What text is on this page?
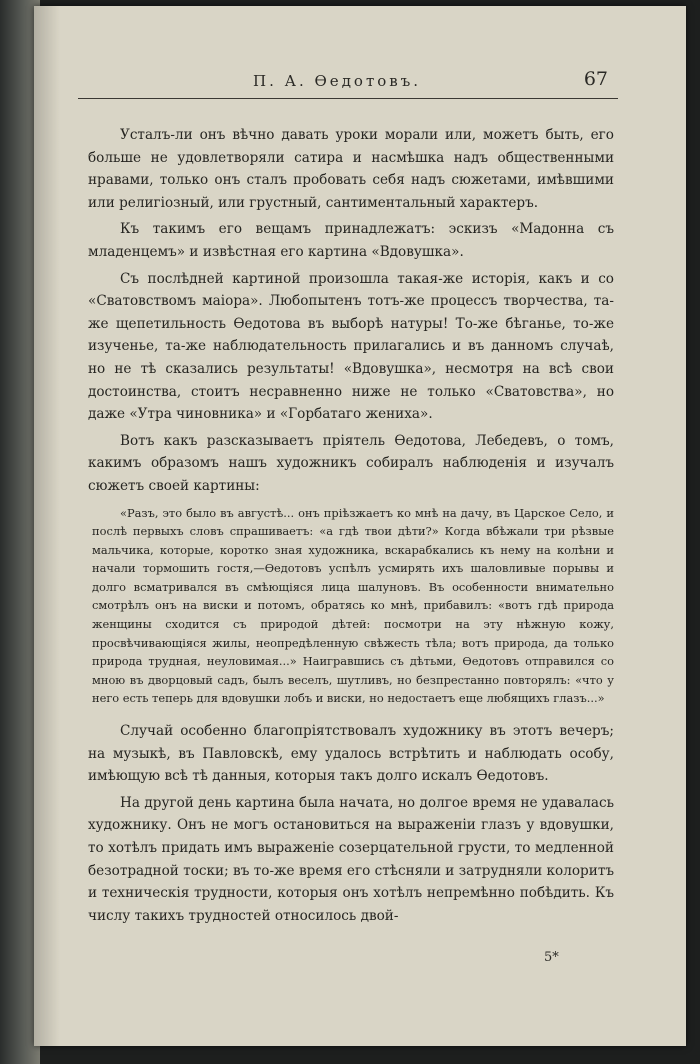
П. А. Ѳедотовъ.	67

Усталъ-ли онъ вѣчно давать уроки морали или, можетъ быть, его больше не удовлетворяли сатира и насмѣшка надъ общественными нравами, только онъ сталъ пробовать себя надъ сюжетами, имѣвшими или религіозный, или грустный, сантиментальный характеръ.

Къ такимъ его вещамъ принадлежатъ: эскизъ «Мадонна съ младенцемъ» и извѣстная его картина «Вдовушка».

Съ послѣдней картиной произошла такая-же исторія, какъ и со «Сватовствомъ маіора». Любопытенъ тотъ-же процессъ творчества, та-же щепетильность Ѳедотова въ выборѣ натуры! То-же бѣганье, то-же изученье, та-же наблюдательность прилагались и въ данномъ случаѣ, но не тѣ сказались результаты! «Вдовушка», несмотря на всѣ свои достоинства, стоитъ несравненно ниже не только «Сватовства», но даже «Утра чиновника» и «Горбатаго жениха».

Вотъ какъ разсказываетъ пріятель Ѳедотова, Лебедевъ, о томъ, какимъ образомъ нашъ художникъ собиралъ наблюденія и изучалъ сюжетъ своей картины:

«Разъ, это было въ августѣ... онъ пріѣзжаетъ ко мнѣ на дачу, въ Царское Село, и послѣ первыхъ словъ спрашиваетъ: «а гдѣ твои дѣти?» Когда вбѣжали три рѣзвые мальчика, которые, коротко зная художника, вскарабкались къ нему на колѣни и начали тормошить гостя,—Ѳедотовъ успѣлъ усмирять ихъ шаловливые порывы и долго всматривался въ смѣющіяся лица шалуновъ. Въ особенности внимательно смотрѣлъ онъ на виски и потомъ, обратясь ко мнѣ, прибавилъ: «вотъ гдѣ природа женщины сходится съ природой дѣтей: посмотри на эту нѣжную кожу, просвѣчивающіяся жилы, неопредѣленную свѣжесть тѣла; вотъ природа, да только природа трудная, неуловимая...» Наигравшись съ дѣтьми, Ѳедотовъ отправился со мною въ дворцовый садъ, былъ веселъ, шутливъ, но безпрестанно повторялъ: «что у него есть теперь для вдовушки лобъ и виски, но недостаетъ еще любящихъ глазъ...»

Случай особенно благопріятствовалъ художнику въ этотъ вечеръ; на музыкѣ, въ Павловскѣ, ему удалось встрѣтить и наблюдать особу, имѣющую всѣ тѣ данныя, которыя такъ долго искалъ Ѳедотовъ.

На другой день картина была начата, но долгое время не удавалась художнику. Онъ не могъ остановиться на выраженіи глазъ у вдовушки, то хотѣлъ придать имъ выраженіе созерцательной грусти, то медленной безотрадной тоски; въ то-же время его стѣсняли и затрудняли колоритъ и техническія трудности, которыя онъ хотѣлъ непремѣнно побѣдить. Къ числу такихъ трудностей относилось двой-

5*
